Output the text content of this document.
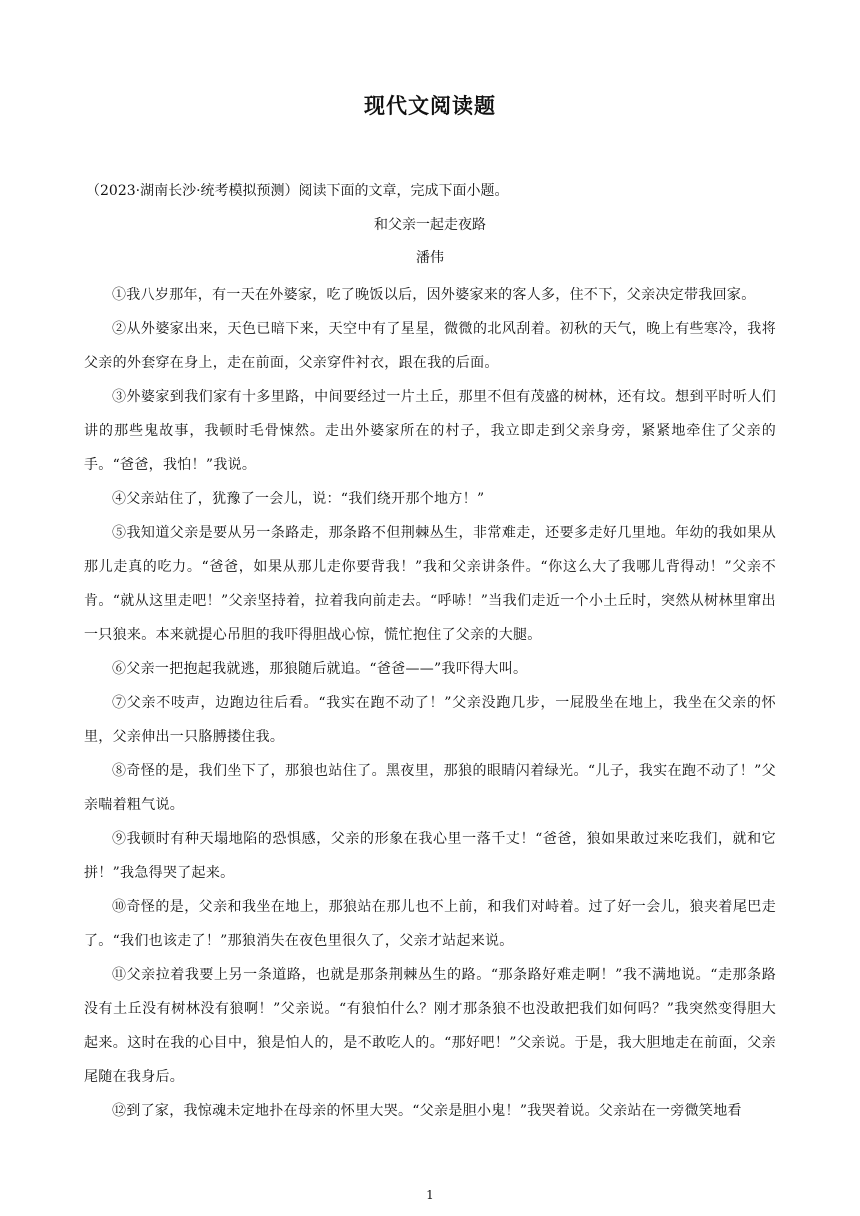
现代文阅读题
（2023·湖南长沙·统考模拟预测）阅读下面的文章，完成下面小题。
和父亲一起走夜路
潘伟

①我八岁那年，有一天在外婆家，吃了晚饭以后，因外婆家来的客人多，住不下，父亲决定带我回家。

②从外婆家出来，天色已暗下来，天空中有了星星，微微的北风刮着。初秋的天气，晚上有些寒冷，我将父亲的外套穿在身上，走在前面，父亲穿件衬衣，跟在我的后面。

③外婆家到我们家有十多里路，中间要经过一片土丘，那里不但有茂盛的树林，还有坟。想到平时听人们讲的那些鬼故事，我顿时毛骨悚然。走出外婆家所在的村子，我立即走到父亲身旁，紧紧地牵住了父亲的手。“爸爸，我怕！”我说。

④父亲站住了，犹豫了一会儿，说：“我们绕开那个地方！”

⑤我知道父亲是要从另一条路走，那条路不但荆棘丛生，非常难走，还要多走好几里地。年幼的我如果从那儿走真的吃力。“爸爸，如果从那儿走你要背我！”我和父亲讲条件。“你这么大了我哪儿背得动！”父亲不肯。“就从这里走吧！”父亲坚持着，拉着我向前走去。“呼哧！”当我们走近一个小土丘时，突然从树林里窜出一只狼来。本来就提心吊胆的我吓得胆战心惊，慌忙抱住了父亲的大腿。

⑥父亲一把抱起我就逃，那狼随后就追。“爸爸——”我吓得大叫。

⑦父亲不吱声，边跑边往后看。“我实在跑不动了！”父亲没跑几步，一屁股坐在地上，我坐在父亲的怀里，父亲伸出一只胳膊搂住我。

⑧奇怪的是，我们坐下了，那狼也站住了。黑夜里，那狼的眼睛闪着绿光。“儿子，我实在跑不动了！”父亲喘着粗气说。

⑨我顿时有种天塌地陷的恐惧感，父亲的形象在我心里一落千丈！“爸爸，狼如果敢过来吃我们，就和它拼！”我急得哭了起来。

⑩奇怪的是，父亲和我坐在地上，那狼站在那儿也不上前，和我们对峙着。过了好一会儿，狼夹着尾巴走了。“我们也该走了！”那狼消失在夜色里很久了，父亲才站起来说。

⑪父亲拉着我要上另一条道路，也就是那条荆棘丛生的路。“那条路好难走啊！”我不满地说。“走那条路没有土丘没有树林没有狼啊！”父亲说。“有狼怕什么？刚才那条狼不也没敢把我们如何吗？”我突然变得胆大起来。这时在我的心目中，狼是怕人的，是不敢吃人的。“那好吧！”父亲说。于是，我大胆地走在前面，父亲尾随在我身后。

⑫到了家，我惊魂未定地扑在母亲的怀里大哭。“父亲是胆小鬼！”我哭着说。父亲站在一旁微笑地看

1
